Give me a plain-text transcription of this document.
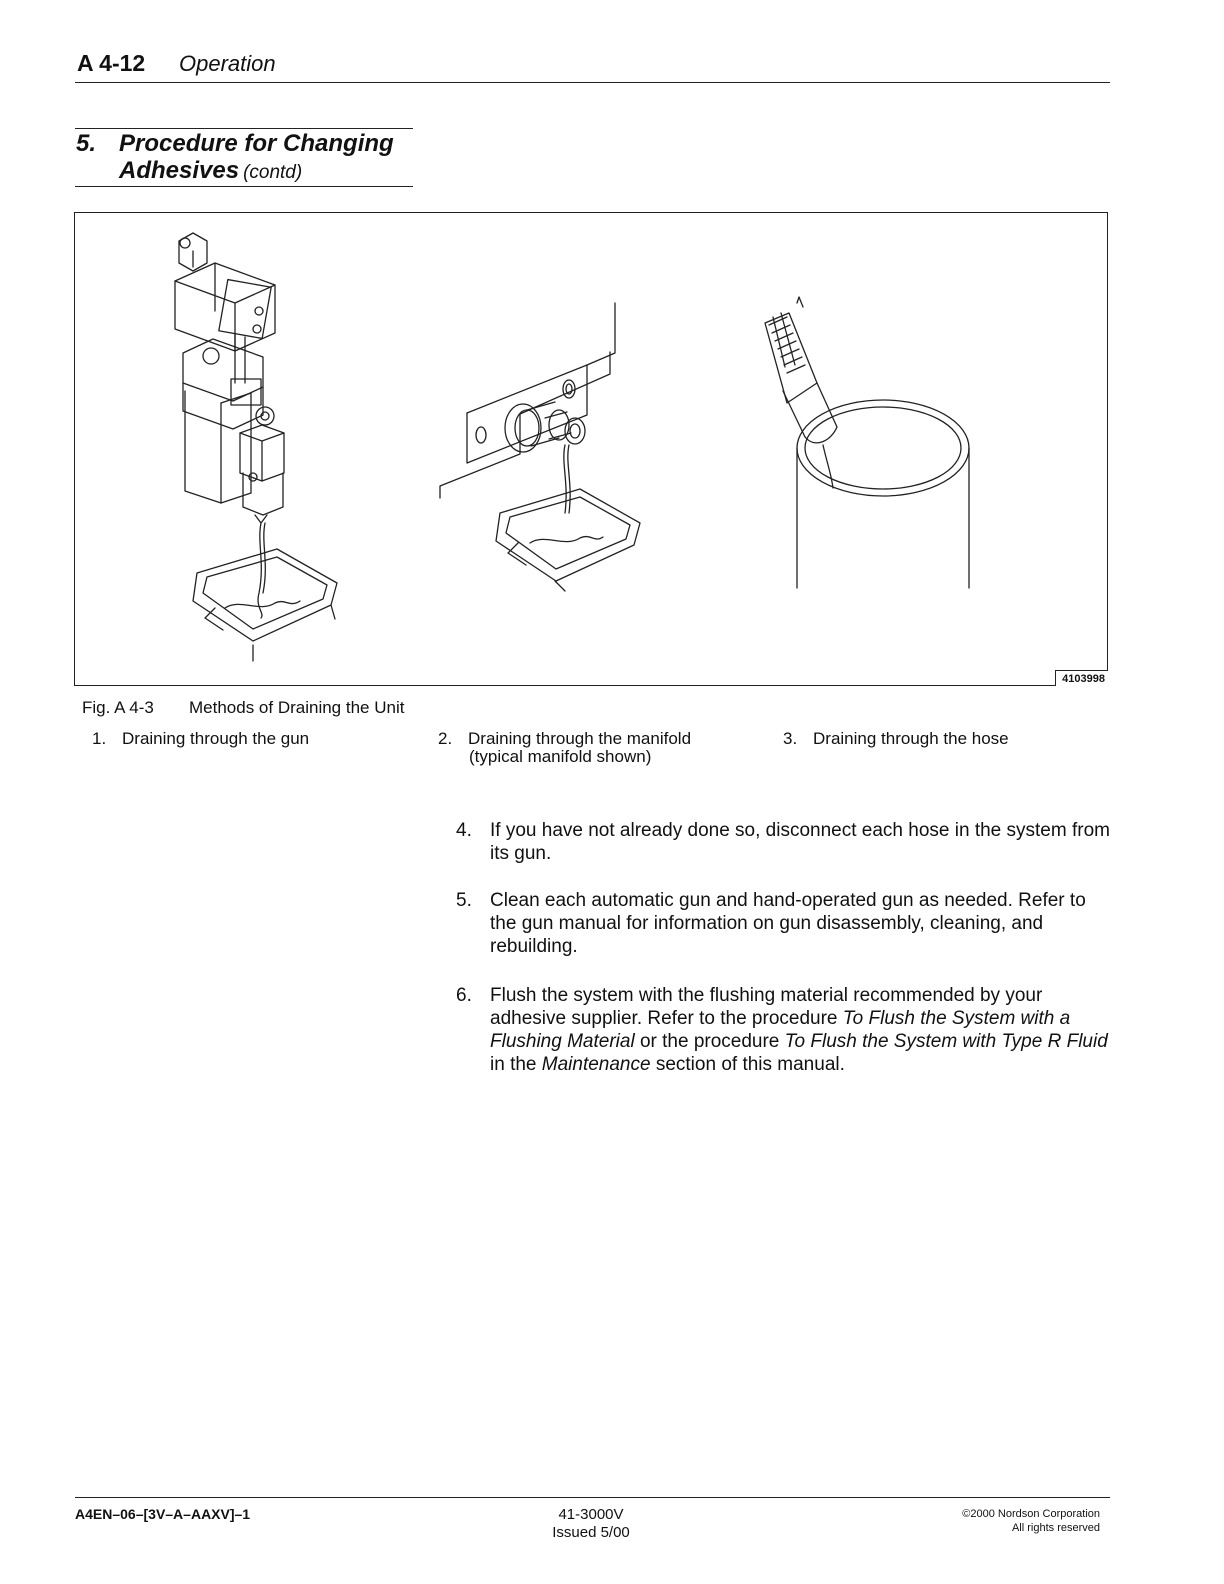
A 4-12 Operation
5. Procedure for Changing
Adhesives (contd)
4103998
Fig. A 4-3 Methods of Draining the Unit
1. Draining through the gun	2. Draining through the manifold
(typical manifold shown)
3. Draining through the hose
4. If you have not already done so, disconnect each hose in the system from its gun.
5. Clean each automatic gun and hand-operated gun as needed. Refer to the gun manual for information on gun disassembly, cleaning, and rebuilding.
6. Flush the system with the flushing material recommended by your adhesive supplier. Refer to the procedure To Flush the System with a Flushing Material or the procedure To Flush the System with Type R Fluid in the Maintenance section of this manual.
A4EN–06–[3V–A–AAXV]–1	41-3000V
Issued 5/00
©2000 Nordson Corporation
All rights reserved
